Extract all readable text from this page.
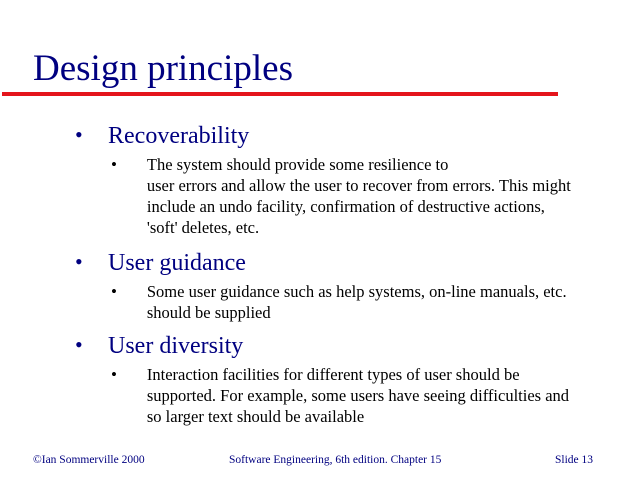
Design principles
•	Recoverability
•	The system should provide some resilience to
user errors and allow the user to recover from errors. This might
include an undo facility, confirmation of destructive actions,
'soft' deletes, etc.
•	User guidance
•	Some user guidance such as help systems, on-line manuals, etc.
should be supplied
•	User diversity
•	Interaction facilities for different types of user should be
supported. For example, some users have seeing difficulties and
so larger text should be available
©Ian Sommerville 2000	Software Engineering, 6th edition. Chapter 15	Slide 13
